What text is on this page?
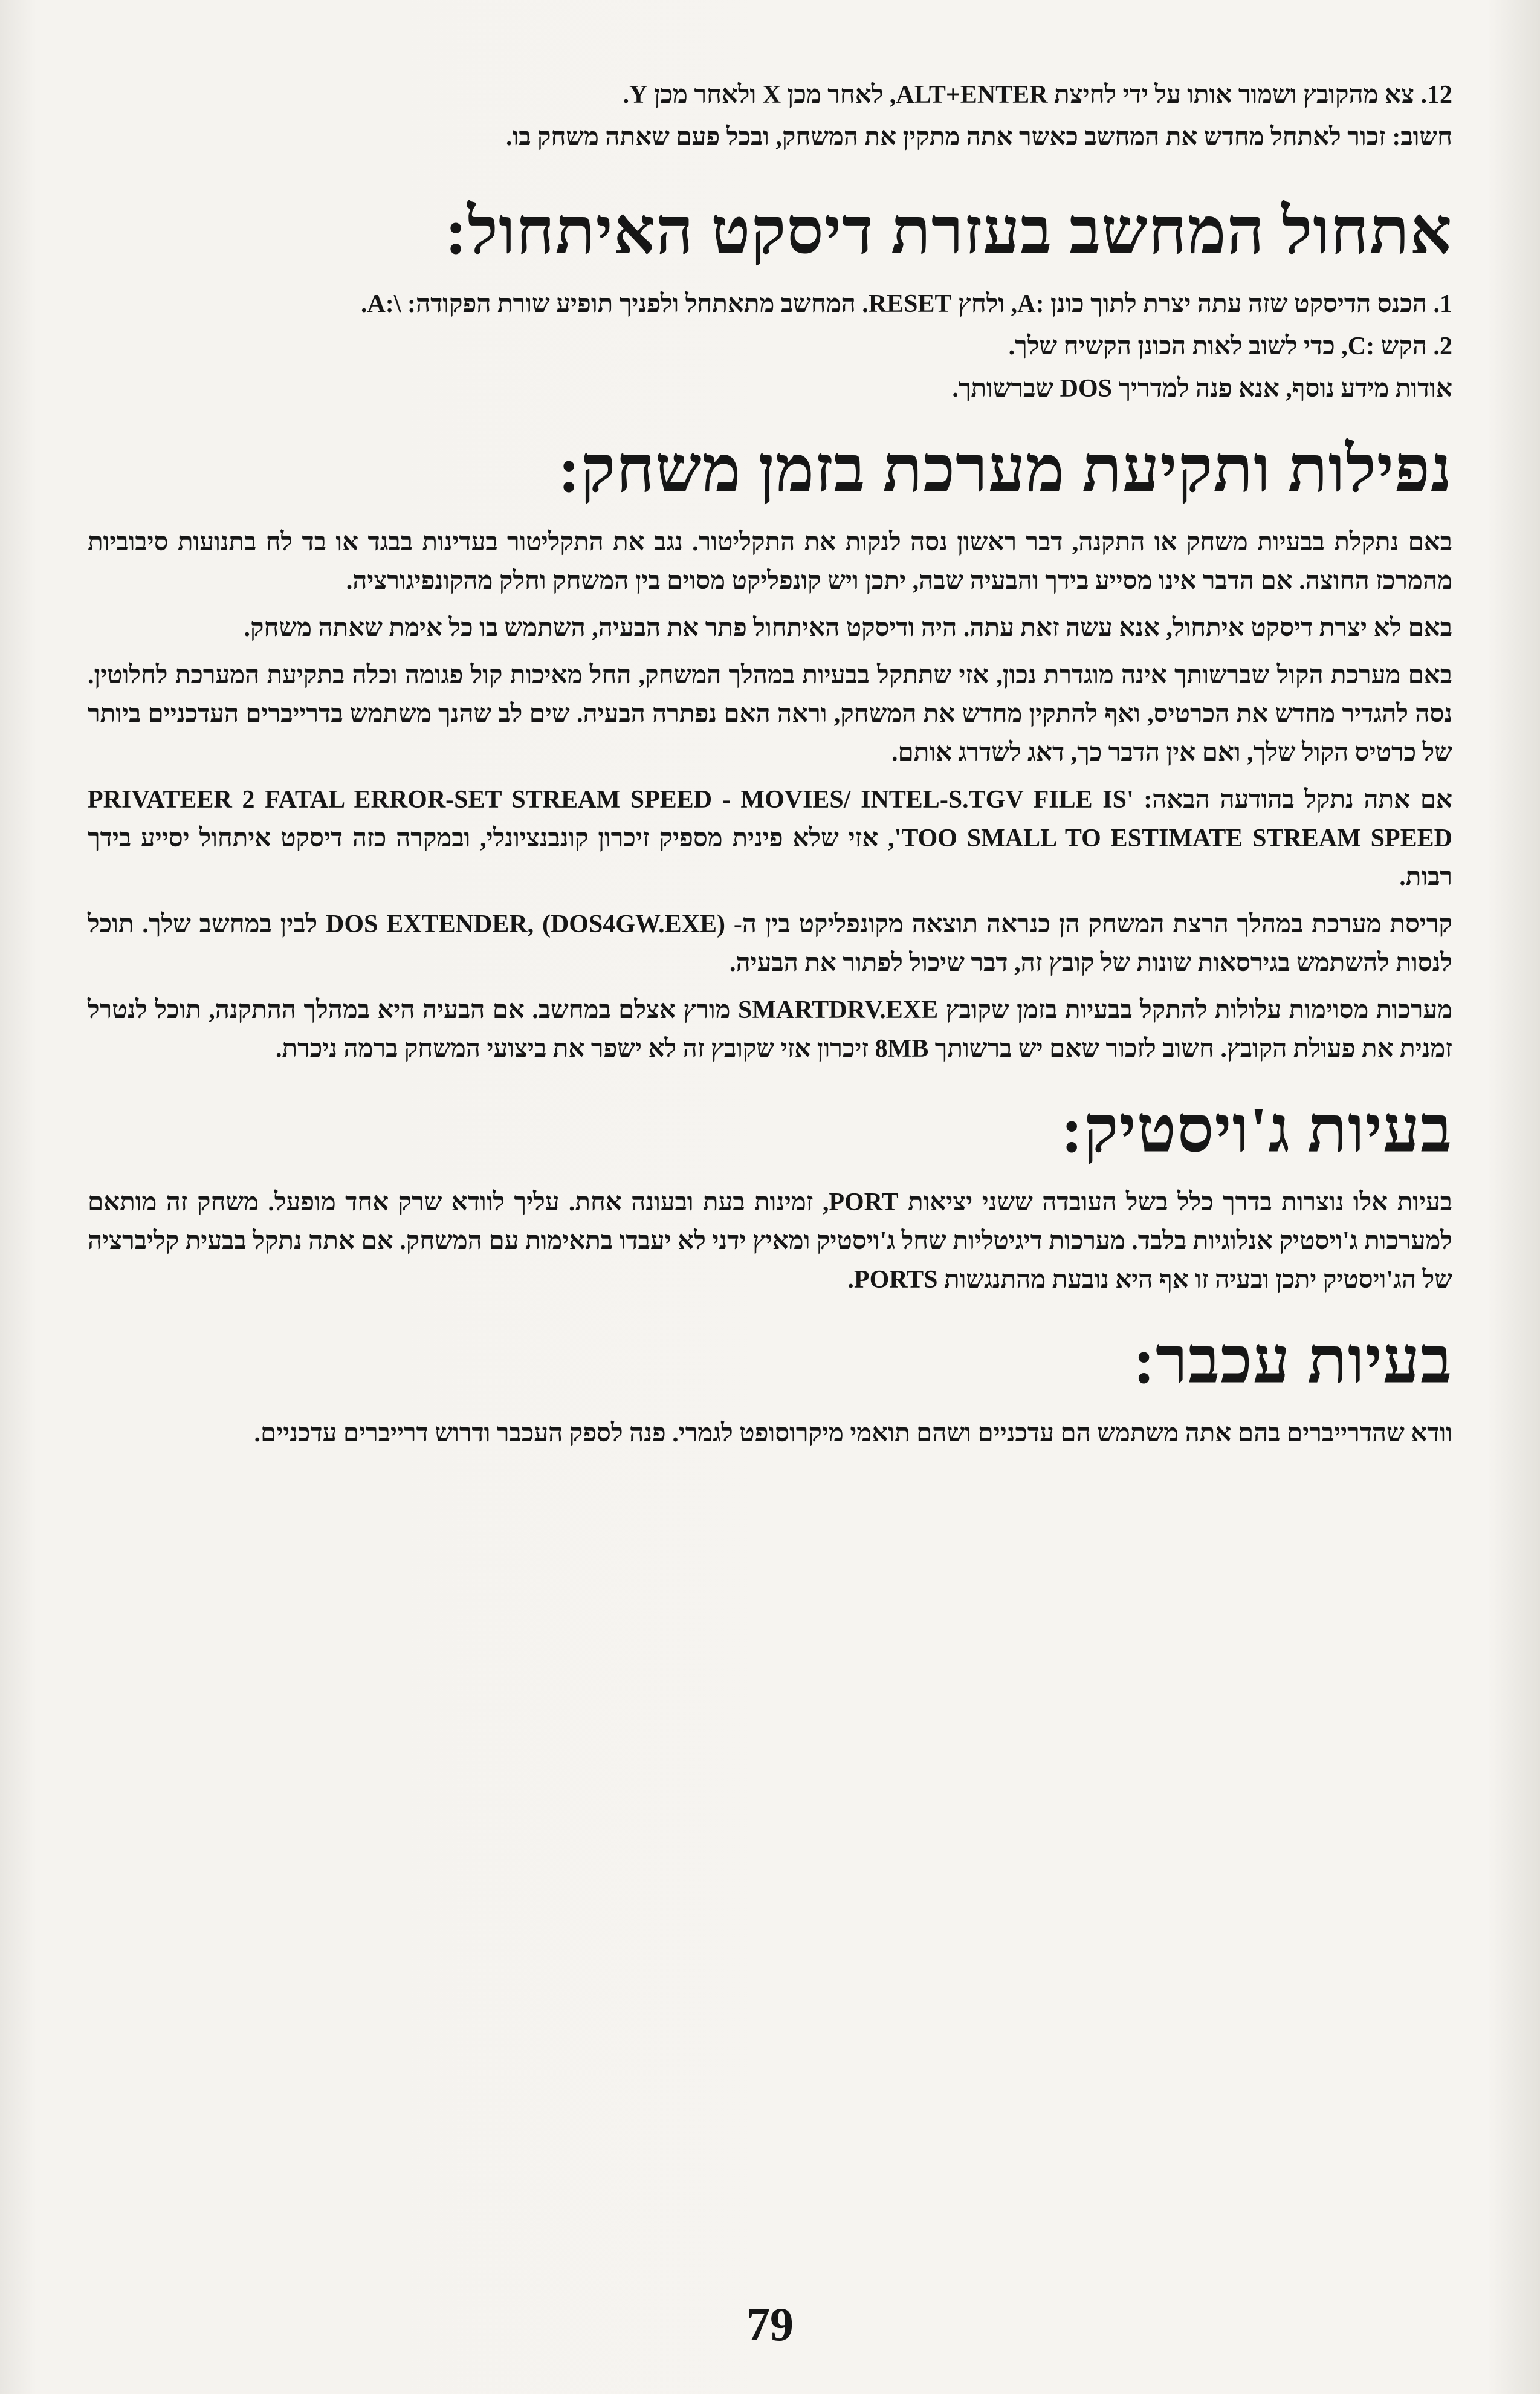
12. צא מהקובץ ושמור אותו על ידי לחיצת ALT+ENTER, לאחר מכן X ולאחר מכן Y.

חשוב: זכור לאתחל מחדש את המחשב כאשר אתה מתקין את המשחק, ובכל פעם שאתה משחק בו.

אתחול המחשב בעזרת דיסקט האיתחול:

1. הכנס הדיסקט שזה עתה יצרת לתוך כונן :A, ולחץ RESET. המחשב מתאתחל ולפניך תופיע שורת הפקודה: \:A.

2. הקש :C, כדי לשוב לאות הכונן הקשיח שלך.

אודות מידע נוסף, אנא פנה למדריך DOS שברשותך.

נפילות ותקיעת מערכת בזמן משחק:

באם נתקלת בבעיות משחק או התקנה, דבר ראשון נסה לנקות את התקליטור. נגב את התקליטור בעדינות בבגד או בד לח בתנועות סיבוביות מהמרכז החוצה. אם הדבר אינו מסייע בידך והבעיה שבה, יתכן ויש קונפליקט מסוים בין המשחק וחלק מהקונפיגורציה.

באם לא יצרת דיסקט איתחול, אנא עשה זאת עתה. היה ודיסקט האיתחול פתר את הבעיה, השתמש בו כל אימת שאתה משחק.

באם מערכת הקול שברשותך אינה מוגדרת נכון, אזי שתתקל בבעיות במהלך המשחק, החל מאיכות קול פגומה וכלה בתקיעת המערכת לחלוטין. נסה להגדיר מחדש את הכרטיס, ואף להתקין מחדש את המשחק, וראה האם נפתרה הבעיה. שים לב שהנך משתמש בדרייברים העדכניים ביותר של כרטיס הקול שלך, ואם אין הדבר כך, דאג לשדרג אותם.

אם אתה נתקל בהודעה הבאה: 'PRIVATEER 2 FATAL ERROR-SET STREAM SPEED - MOVIES/ INTEL-S.TGV FILE IS TOO SMALL TO ESTIMATE STREAM SPEED', אזי שלא פינית מספיק זיכרון קונבנציונלי, ובמקרה כזה דיסקט איתחול יסייע בידך רבות.

קריסת מערכת במהלך הרצת המשחק הן כנראה תוצאה מקונפליקט בין ה- DOS EXTENDER, (DOS4GW.EXE) לבין במחשב שלך. תוכל לנסות להשתמש בגירסאות שונות של קובץ זה, דבר שיכול לפתור את הבעיה.

מערכות מסוימות עלולות להתקל בבעיות בזמן שקובץ SMARTDRV.EXE מורץ אצלם במחשב. אם הבעיה היא במהלך ההתקנה, תוכל לנטרל זמנית את פעולת הקובץ. חשוב לזכור שאם יש ברשותך 8MB זיכרון אזי שקובץ זה לא ישפר את ביצועי המשחק ברמה ניכרת.

בעיות ג'ויסטיק:

בעיות אלו נוצרות בדרך כלל בשל העובדה ששני יציאות PORT, זמינות בעת ובעונה אחת. עליך לוודא שרק אחד מופעל. משחק זה מותאם למערכות ג'ויסטיק אנלוגיות בלבד. מערכות דיגיטליות שחל ג'ויסטיק ומאיץ ידני לא יעבדו בתאימות עם המשחק. אם אתה נתקל בבעית קליברציה של הג'ויסטיק יתכן ובעיה זו אף היא נובעת מהתנגשות PORTS.

בעיות עכבר:

וודא שהדרייברים בהם אתה משתמש הם עדכניים ושהם תואמי מיקרוסופט לגמרי. פנה לספק העכבר ודרוש דרייברים עדכניים.

79
